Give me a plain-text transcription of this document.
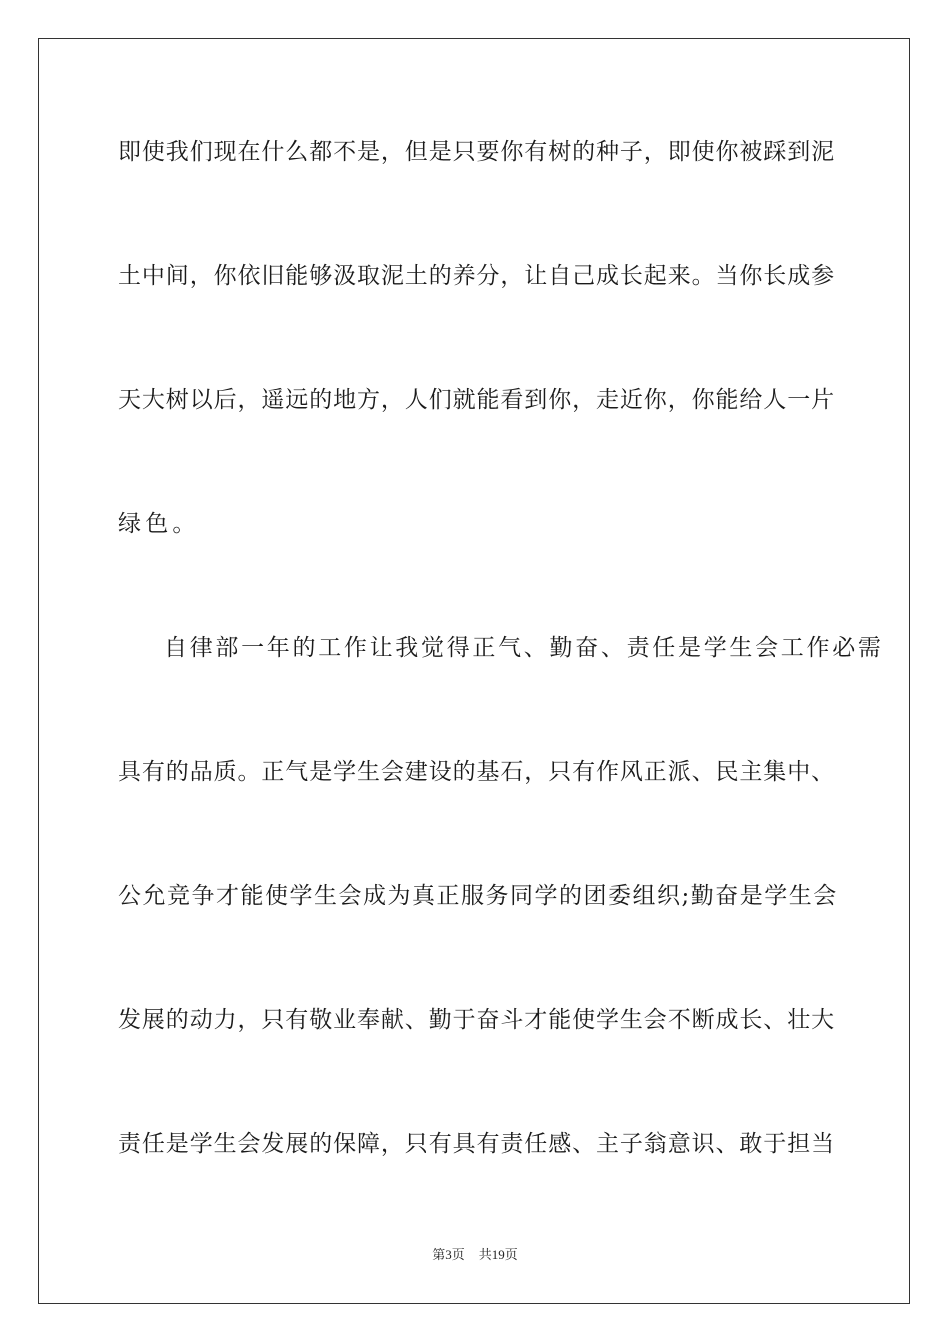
即使我们现在什么都不是，但是只要你有树的种子，即使你被踩到泥
土中间，你依旧能够汲取泥土的养分，让自己成长起来。当你长成参
天大树以后，遥远的地方，人们就能看到你，走近你，你能给人一片
绿色。
自律部一年的工作让我觉得正气、勤奋、责任是学生会工作必需
具有的品质。正气是学生会建设的基石，只有作风正派、民主集中、
公允竞争才能使学生会成为真正服务同学的团委组织;勤奋是学生会
发展的动力，只有敬业奉献、勤于奋斗才能使学生会不断成长、壮大
责任是学生会发展的保障，只有具有责任感、主子翁意识、敢于担当
第3页 共19页
